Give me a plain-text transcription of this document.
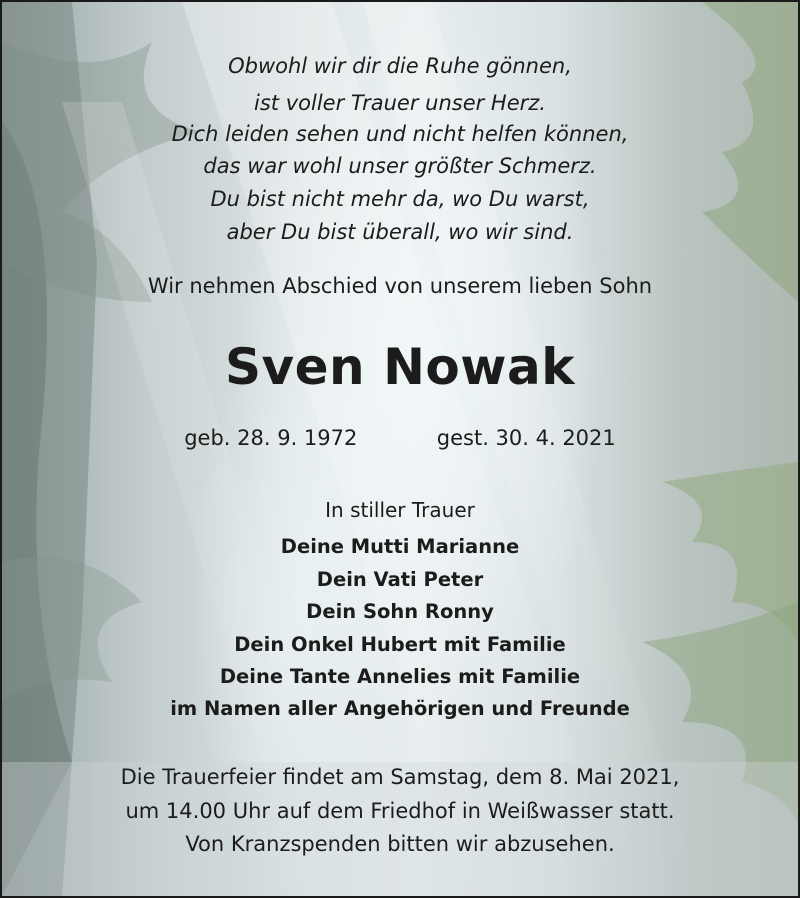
Obwohl wir dir die Ruhe gönnen,
ist voller Trauer unser Herz.
Dich leiden sehen und nicht helfen können,
das war wohl unser größter Schmerz.
Du bist nicht mehr da, wo Du warst,
aber Du bist überall, wo wir sind.
Wir nehmen Abschied von unserem lieben Sohn
Sven Nowak
geb. 28. 9. 1972	gest. 30. 4. 2021
In stiller Trauer
Deine Mutti Marianne
Dein Vati Peter
Dein Sohn Ronny
Dein Onkel Hubert mit Familie
Deine Tante Annelies mit Familie
im Namen aller Angehörigen und Freunde
Die Trauerfeier findet am Samstag, dem 8. Mai 2021,
um 14.00 Uhr auf dem Friedhof in Weißwasser statt.
Von Kranzspenden bitten wir abzusehen.
